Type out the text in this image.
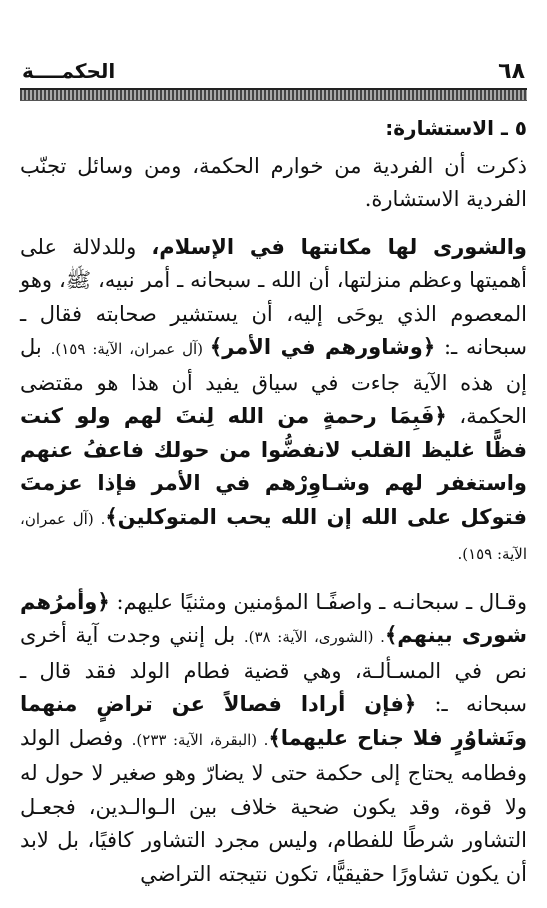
٦٨
الحكمــــة

٥ ـ الاستشارة:

ذكرت أن الفردية من خوارم الحكمة، ومن وسائل تجنّب الفردية الاستشارة.

والشورى لها مكانتها في الإسلام، وللدلالة على أهميتها وعظم منزلتها، أن الله ـ سبحانه ـ أمر نبيه، ﷺ، وهو المعصوم الذي يوحَى إليه، أن يستشير صحابته فقال ـ سبحانه ـ: ﴿وشاورهم في الأمر﴾ (آل عمران، الآية: ١٥٩). بل إن هذه الآية جاءت في سياق يفيد أن هذا هو مقتضى الحكمة، ﴿فَبِمَا رحمةٍ من الله لِنتَ لهم ولو كنت فظًّا غليظ القلب لانفضُّوا من حولك فاعفُ عنهم واستغفر لهم وشـاوِرْهم في الأمر فإذا عزمتَ فتوكل على الله إن الله يحب المتوكلين﴾. (آل عمران، الآية: ١٥٩).

وقـال ـ سبحانـه ـ واصفًـا المؤمنين ومثنيًا عليهم: ﴿وأمرُهم شورى بينهم﴾. (الشورى، الآية: ٣٨). بل إنني وجدت آية أخرى نص في المسـألـة، وهي قضية فطام الولد فقد قال ـ سبحانه ـ: ﴿فإن أرادا فصالاً عن تراضٍ منهما وتَشاوُرٍ فلا جناح عليهما﴾. (البقرة، الآية: ٢٣٣). وفصل الولد وفطامه يحتاج إلى حكمة حتى لا يضارّ وهو صغير لا حول له ولا قوة، وقد يكون ضحية خلاف بين الـوالـدين، فجعـل التشاور شرطًا للفطام، وليس مجرد التشاور كافيًا، بل لابد أن يكون تشاورًا حقيقيًّا، تكون نتيجته التراضي
